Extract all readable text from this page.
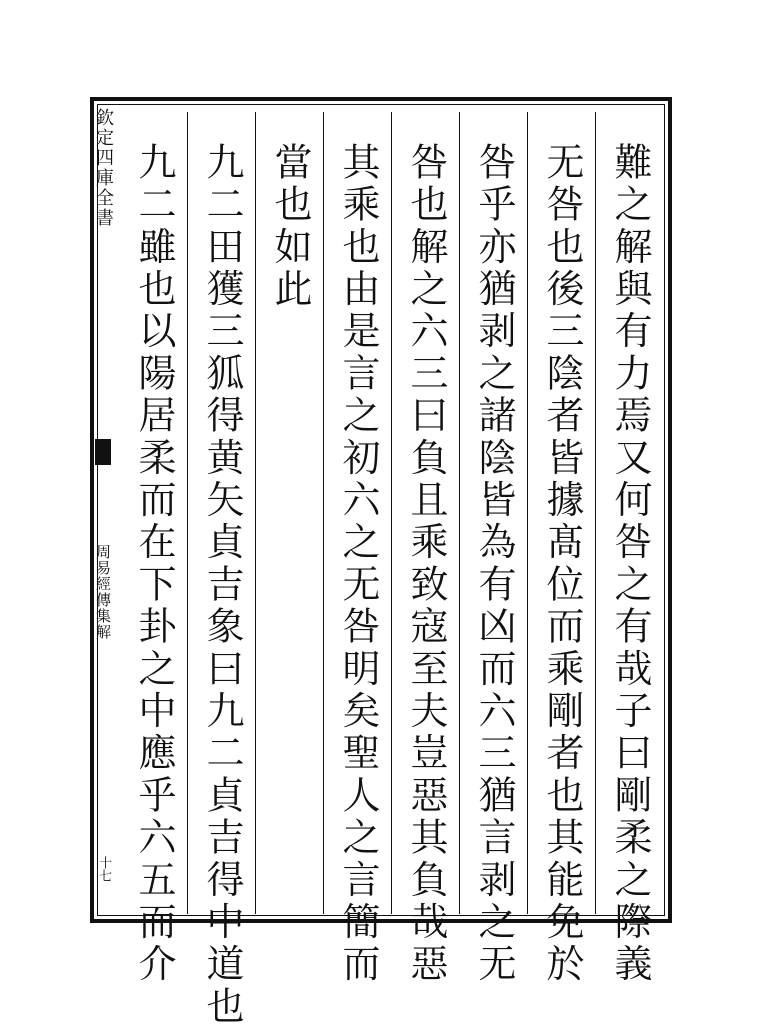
欽定四庫全書
周易經傳集解
十七	難之解與有力焉又何咎之有哉子曰剛柔之際義
无咎也後三陰者皆據髙位而乘剛者也其能免於
咎乎亦猶剥之諸陰皆為有凶而六三猶言剥之无
咎也解之六三曰負且乘致寇至夫豈惡其負哉惡
其乘也由是言之初六之无咎明矣聖人之言簡而
當也如此
九二田獲三狐得黄矢貞吉象曰九二貞吉得中道也
九二雖也以陽居柔而在下卦之中應乎六五而介
